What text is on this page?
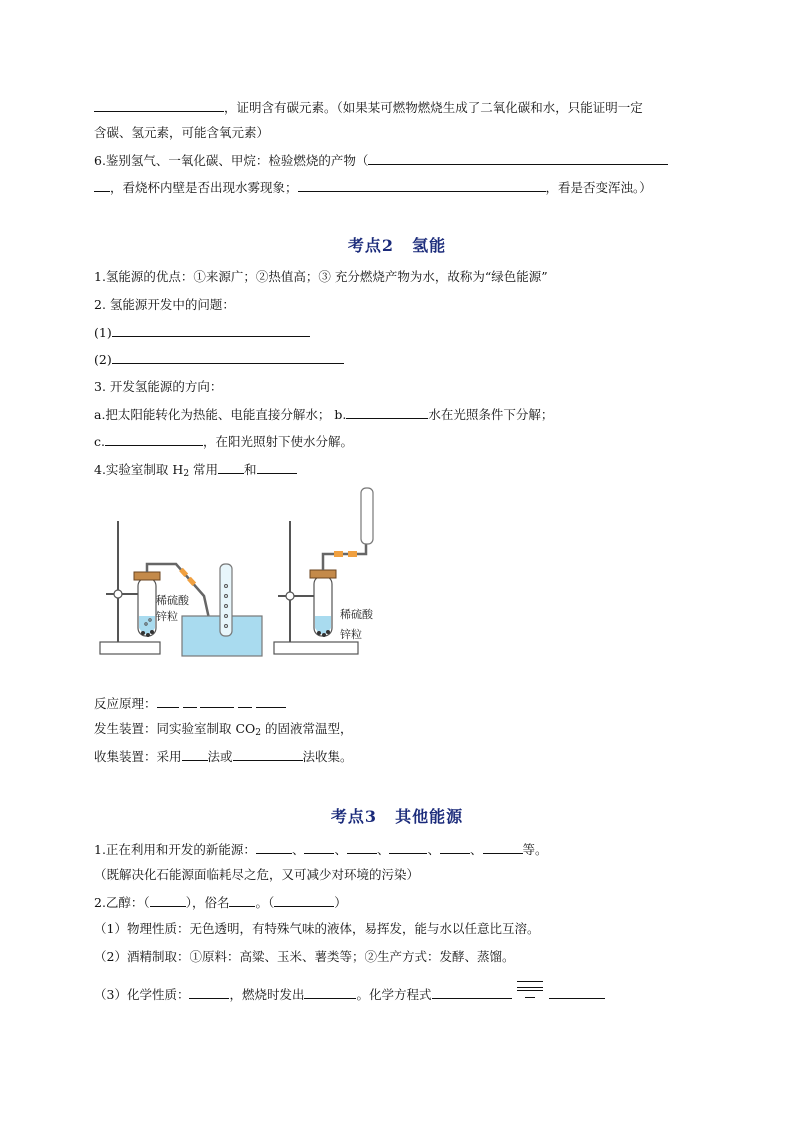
，证明含有碳元素。（如果某可燃物燃烧生成了二氧化碳和水，只能证明一定
含碳、氢元素，可能含氧元素）
6.鉴别氢气、一氧化碳、甲烷：检验燃烧的产物（
，看烧杯内壁是否出现水雾现象；	，看是否变浑浊。）
考点2 氢能
1.氢能源的优点：①来源广；②热值高；③ 充分燃烧产物为水，故称为“绿色能源”
2. 氢能源开发中的问题：
(1)
(2)
3. 开发氢能源的方向：
a.把太阳能转化为热能、电能直接分解水； b.	水在光照条件下分解；
c.	，在阳光照射下使水分解。
4.实验室制取 $H_2$ 常用 和
稀硫酸
锌粒	稀硫酸
锌粒
反应原理：
发生装置：同实验室制取 $CO_2$ 的固液常温型，
收集装置：采用 法或	法收集。
考点3 其他能源
1.正在利用和开发的新能源：	、 、 、	、 、	等。
（既解决化石能源面临耗尽之危，又可减少对环境的污染）
2.乙醇：（	），俗名 。（	）
（1）物理性质：无色透明，有特殊气味的液体，易挥发，能与水以任意比互溶。
（2）酒精制取：①原料：高粱、玉米、薯类等；②生产方式：发酵、蒸馏。
（3）化学性质：	，燃烧时发出	。化学方程式
